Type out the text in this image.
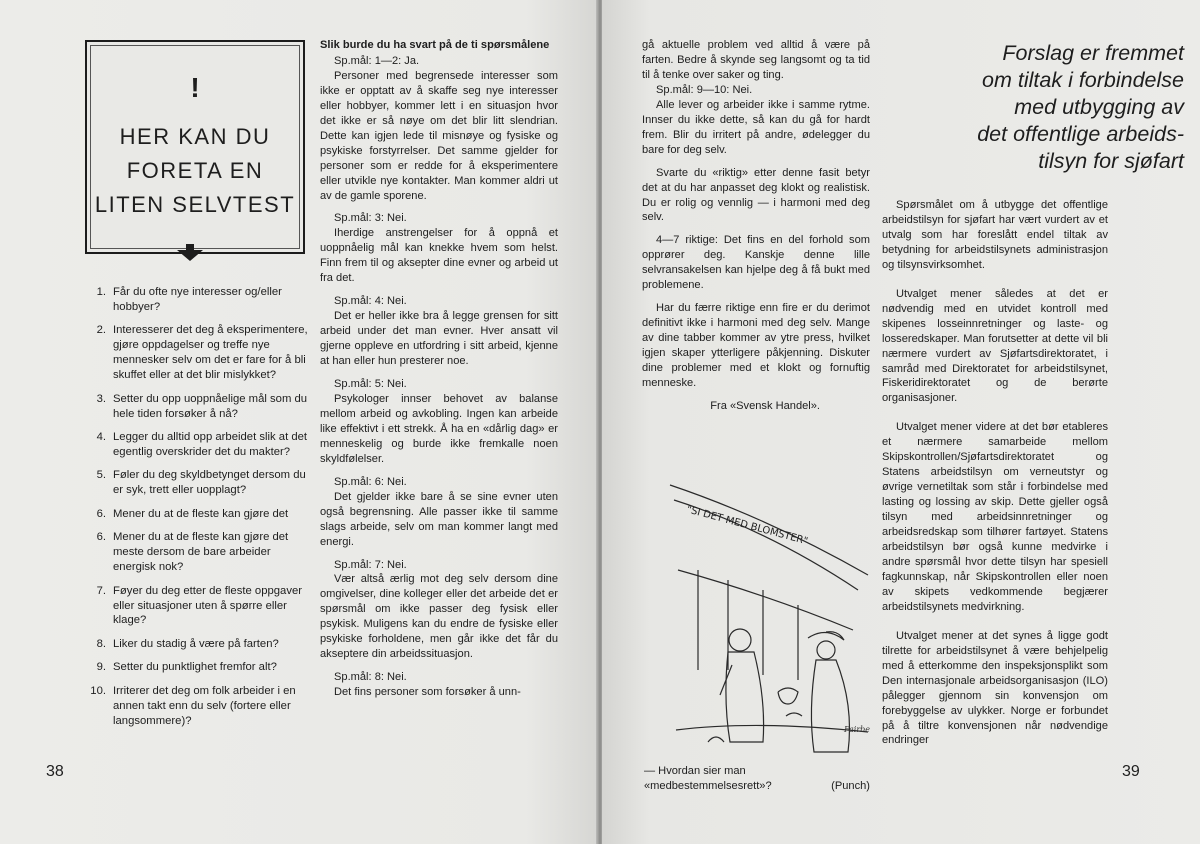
!
HER KAN DU
FORETA EN
LITEN SELVTEST
1. Får du ofte nye interesser og/eller hobbyer?
2. Interesserer det deg å eksperimentere, gjøre oppdagelser og treffe nye mennesker selv om det er fare for å bli skuffet eller at det blir mislykket?
3. Setter du opp uoppnåelige mål som du hele tiden forsøker å nå?
4. Legger du alltid opp arbeidet slik at det egentlig overskrider det du makter?
5. Føler du deg skyldbetynget dersom du er syk, trett eller uopplagt?
6. Mener du at de fleste kan gjøre det
6. Mener du at de fleste kan gjøre det meste dersom de bare arbeider energisk nok?
7. Føyer du deg etter de fleste oppgaver eller situasjoner uten å spørre eller klage?
8. Liker du stadig å være på farten?
9. Setter du punktlighet fremfor alt?
10. Irriterer det deg om folk arbeider i en annen takt enn du selv (fortere eller langsommere)?

Slik burde du ha svart på de ti spørsmålene

Sp.mål: 1—2: Ja.

Personer med begrensede interesser som ikke er opptatt av å skaffe seg nye interesser eller hobbyer, kommer lett i en situasjon hvor det ikke er så nøye om det blir litt slendrian. Dette kan igjen lede til misnøye og fysiske og psykiske forstyrrelser. Det samme gjelder for personer som er redde for å eksperimentere eller utvikle nye kontakter. Man kommer aldri ut av de gamle sporene.

Sp.mål: 3: Nei.

Iherdige anstrengelser for å oppnå et uoppnåelig mål kan knekke hvem som helst. Finn frem til og aksepter dine evner og arbeid ut fra det.

Sp.mål: 4: Nei.

Det er heller ikke bra å legge grensen for sitt arbeid under det man evner. Hver ansatt vil gjerne oppleve en utfordring i sitt arbeid, kjenne at han eller hun presterer noe.

Sp.mål: 5: Nei.

Psykologer innser behovet av balanse mellom arbeid og avkobling. Ingen kan arbeide like effektivt i ett strekk. Å ha en «dårlig dag» er menneskelig og burde ikke fremkalle noen skyldfølelser.

Sp.mål: 6: Nei.

Det gjelder ikke bare å se sine evner uten også begrensning. Alle passer ikke til samme slags arbeide, selv om man kommer langt med energi.

Sp.mål: 7: Nei.

Vær altså ærlig mot deg selv dersom dine omgivelser, dine kolleger eller det arbeide det er spørsmål om ikke passer deg fysisk eller psykisk. Muligens kan du endre de fysiske eller psykiske forholdene, men går ikke det får du akseptere din arbeidssituasjon.

Sp.mål: 8: Nei.

Det fins personer som forsøker å unn-

38

gå aktuelle problem ved alltid å være på farten. Bedre å skynde seg langsomt og ta tid til å tenke over saker og ting.

Sp.mål: 9—10: Nei.

Alle lever og arbeider ikke i samme rytme. Innser du ikke dette, så kan du gå for hardt frem. Blir du irritert på andre, ødelegger du bare for deg selv.

Svarte du «riktig» etter denne fasit betyr det at du har anpasset deg klokt og realistisk. Du er rolig og vennlig — i harmoni med deg selv.

4—7 riktige: Det fins en del forhold som opprører deg. Kanskje denne lille selvransakelsen kan hjelpe deg å få bukt med problemene.

Har du færre riktige enn fire er du derimot definitivt ikke i harmoni med deg selv. Mange av dine tabber kommer av ytre press, hvilket igjen skaper ytterligere påkjenning. Diskuter dine problemer med et klokt og fornuftig menneske.

Fra «Svensk Handel».

"SI DET MED BLOMSTER"
Fairbe
— Hvordan sier man «medbestemmelsesrett»?	(Punch)
Forslag er fremmet
om tiltak i forbindelse
med utbygging av
det offentlige arbeids-
tilsyn for sjøfart

Spørsmålet om å utbygge det offentlige arbeidstilsyn for sjøfart har vært vurdert av et utvalg som har foreslått endel tiltak av betydning for arbeidstilsynets administrasjon og tilsynsvirksomhet.

Utvalget mener således at det er nødvendig med en utvidet kontroll med skipenes losseinnretninger og laste- og losseredskaper. Man forutsetter at dette vil bli nærmere vurdert av Sjøfartsdirektoratet, i samråd med Direktoratet for arbeidstilsynet, Fiskeridirektoratet og de berørte organisasjoner.

Utvalget mener videre at det bør etableres et nærmere samarbeide mellom Skipskontrollen/Sjøfartsdirektoratet og Statens arbeidstilsyn om verneutstyr og øvrige vernetiltak som står i forbindelse med lasting og lossing av skip. Dette gjeller også tilsyn med arbeidsinnretninger og arbeidsredskap som tilhører fartøyet. Statens arbeidstilsyn bør også kunne medvirke i andre spørsmål hvor dette tilsyn har spesiell fagkunnskap, når Skipskontrollen eller noen av skipets vedkommende begjærer arbeidstilsynets medvirkning.

Utvalget mener at det synes å ligge godt tilrette for arbeidstilsynet å være behjelpelig med å etterkomme den inspeksjonsplikt som Den internasjonale arbeidsorganisasjon (ILO) pålegger gjennom sin konvensjon om forebyggelse av ulykker. Norge er forbundet på å tiltre konvensjonen når nødvendige endringer

39
